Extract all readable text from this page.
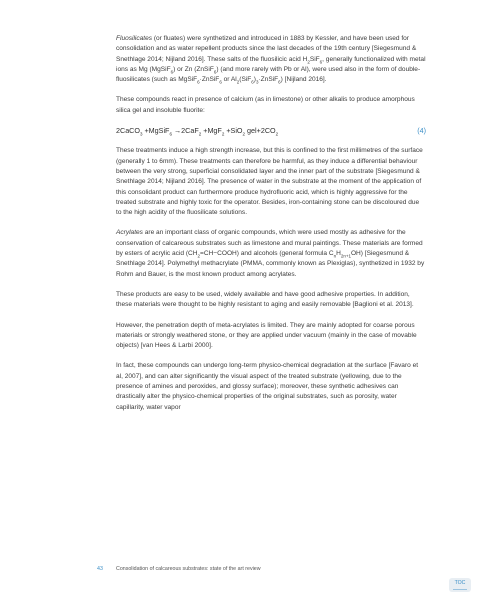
Fluosilicates (or fluates) were synthetized and introduced in 1883 by Kessler, and have been used for consolidation and as water repellent products since the last decades of the 19th century [Siegesmund & Snethlage 2014; Nijland 2016]. These salts of the fluosilicic acid $H_2SiF_6$, generally functionalized with metal ions as Mg (MgSiF$_6$) or Zn (ZnSiF$_6$) (and more rarely with Pb or Al), were used also in the form of double-fluosilicates (such as MgSiF$_6$·ZnSiF$_6$ or $Al_2(SiF_6)_3\cdot ZnSiF_6$) [Nijland 2016].

These compounds react in presence of calcium (as in limestone) or other alkalis to produce amorphous silica gel and insoluble fluorite:

2CaCO$_3$ +MgSiF$_6$ →2CaF$_2$ +MgF$_2$ +SiO$_2$ $gel+2CO_2$	(4)

These treatments induce a high strength increase, but this is confined to the first millimetres of the surface (generally 1 to 6mm). These treatments can therefore be harmful, as they induce a differential behaviour between the very strong, superficial consolidated layer and the inner part of the substrate [Siegesmund & Snethlage 2014; Nijland 2016]. The presence of water in the substrate at the moment of the application of this consolidant product can furthermore produce hydrofluoric acid, which is highly aggressive for the treated substrate and highly toxic for the operator. Besides, iron-containing stone can be discoloured due to the high acidity of the fluosilicate solutions.

Acrylates are an important class of organic compounds, which were used mostly as adhesive for the conservation of calcareous substrates such as limestone and mural paintings. These materials are formed by esters of acrylic acid $(CH_2=CH-COOH)$ and alcohols (general formula $C_nH_{2n+1}OH$) [Siegesmund & Snethlage 2014]. Polymethyl methacrylate (PMMA, commonly known as Plexiglas), synthetized in 1932 by Rohm and Bauer, is the most known product among acrylates.

These products are easy to be used, widely available and have good adhesive properties. In addition, these materials were thought to be highly resistant to aging and easily removable [Baglioni et al. 2013].

However, the penetration depth of meta-acrylates is limited. They are mainly adopted for coarse porous materials or strongly weathered stone, or they are applied under vacuum (mainly in the case of movable objects) [van Hees & Larbi 2000].

In fact, these compounds can undergo long-term physico-chemical degradation at the surface [Favaro et al, 2007], and can alter significantly the visual aspect of the treated substrate (yellowing, due to the presence of amines and peroxides, and glossy surface); moreover, these synthetic adhesives can drastically alter the physico-chemical properties of the original substrates, such as porosity, water capillarity, water vapor

43 Consolidation of calcareous substrates: state of the art review
TOC
